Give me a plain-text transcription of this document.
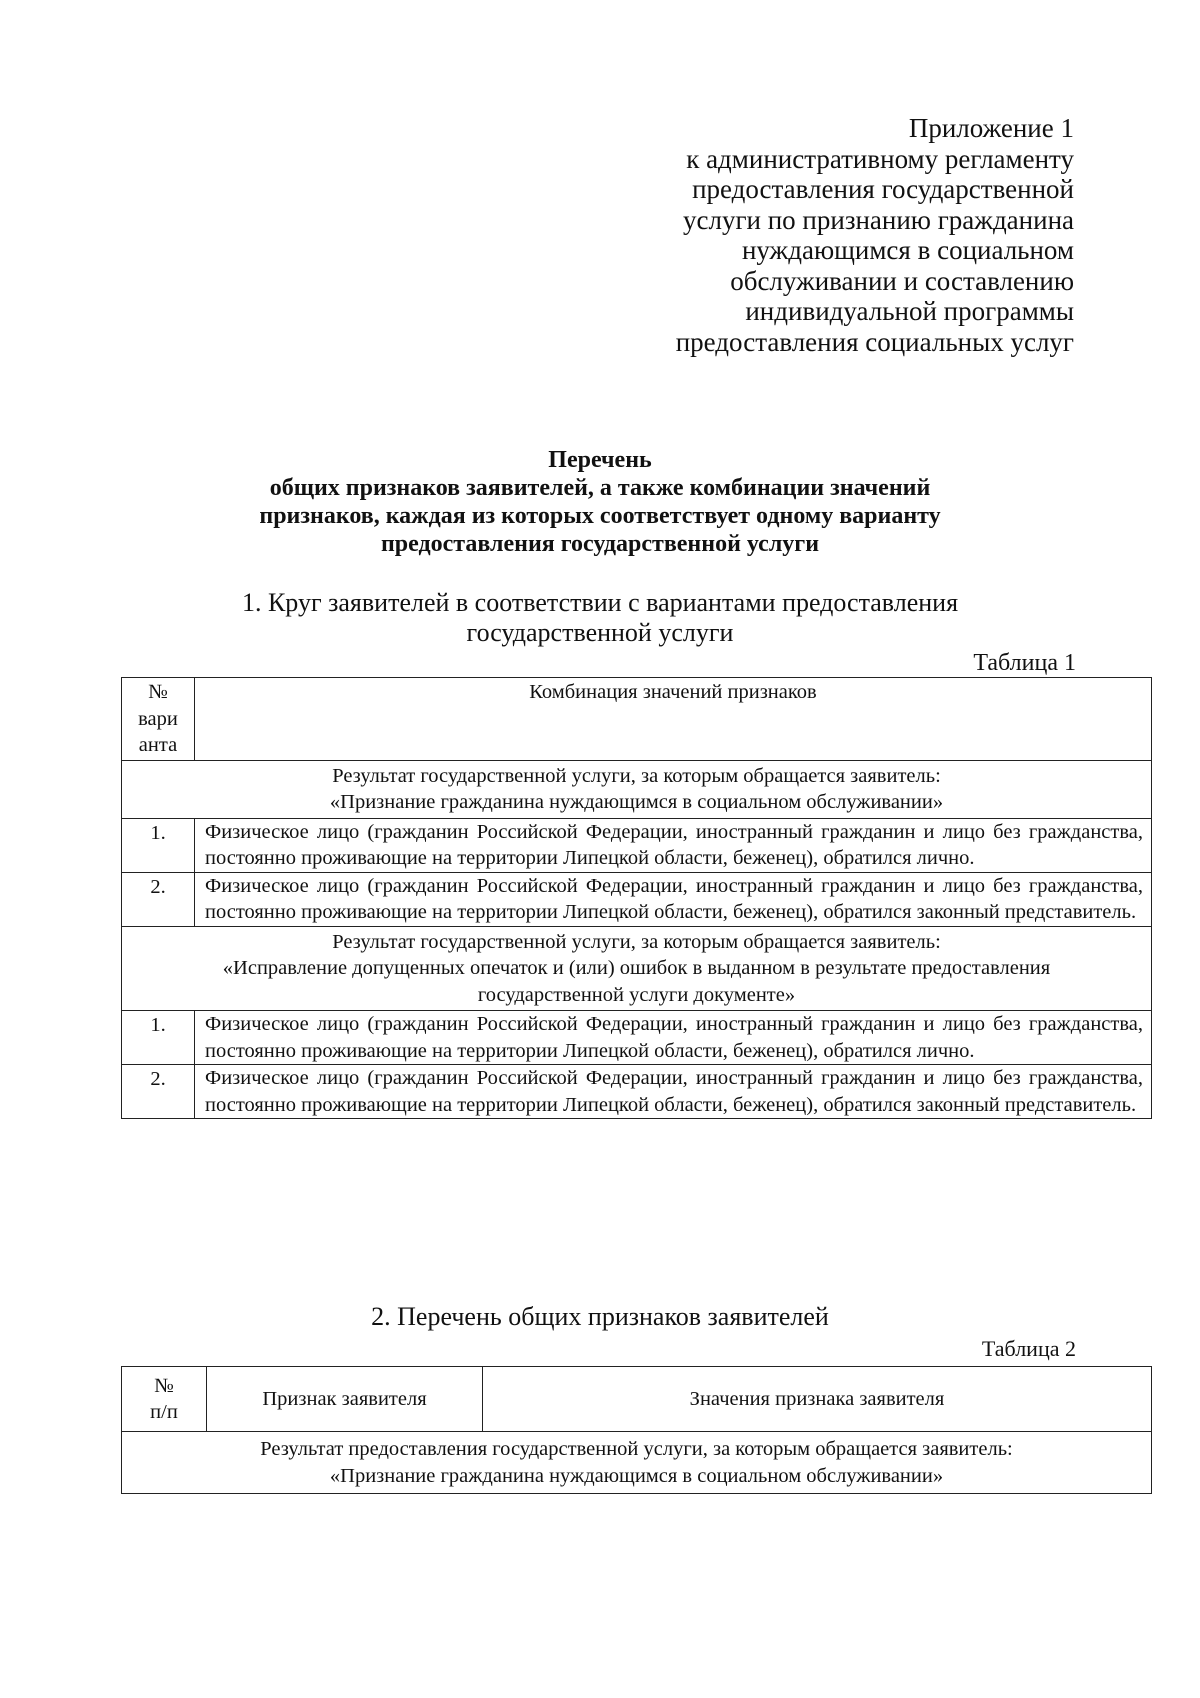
Приложение 1
к административному регламенту
предоставления государственной
услуги по признанию гражданина
нуждающимся в социальном
обслуживании и составлению
индивидуальной программы
предоставления социальных услуг
Перечень
общих признаков заявителей, а также комбинации значений
признаков, каждая из которых соответствует одному варианту
предоставления государственной услуги
1. Круг заявителей в соответствии с вариантами предоставления
государственной услуги
Таблица 1
№
вари
анта	Комбинация значений признаков

Результат государственной услуги, за которым обращается заявитель:
«Признание гражданина нуждающимся в социальном обслуживании»	

1.	Физическое лицо (гражданин Российской Федерации, иностранный гражданин и лицо без гражданства, постоянно проживающие на территории Липецкой области, беженец), обратился лично.
2.	Физическое лицо (гражданин Российской Федерации, иностранный гражданин и лицо без гражданства, постоянно проживающие на территории Липецкой области, беженец), обратился законный представитель.

Результат государственной услуги, за которым обращается заявитель:
«Исправление допущенных опечаток и (или) ошибок в выданном в результате предоставления
государственной услуги документе»	

1.	Физическое лицо (гражданин Российской Федерации, иностранный гражданин и лицо без гражданства, постоянно проживающие на территории Липецкой области, беженец), обратился лично.
2.	Физическое лицо (гражданин Российской Федерации, иностранный гражданин и лицо без гражданства, постоянно проживающие на территории Липецкой области, беженец), обратился законный представитель.
2. Перечень общих признаков заявителей
Таблица 2
№
п/п
	Признак заявителя	Значения признака заявителя

Результат предоставления государственной услуги, за которым обращается заявитель:
«Признание гражданина нуждающимся в социальном обслуживании»
